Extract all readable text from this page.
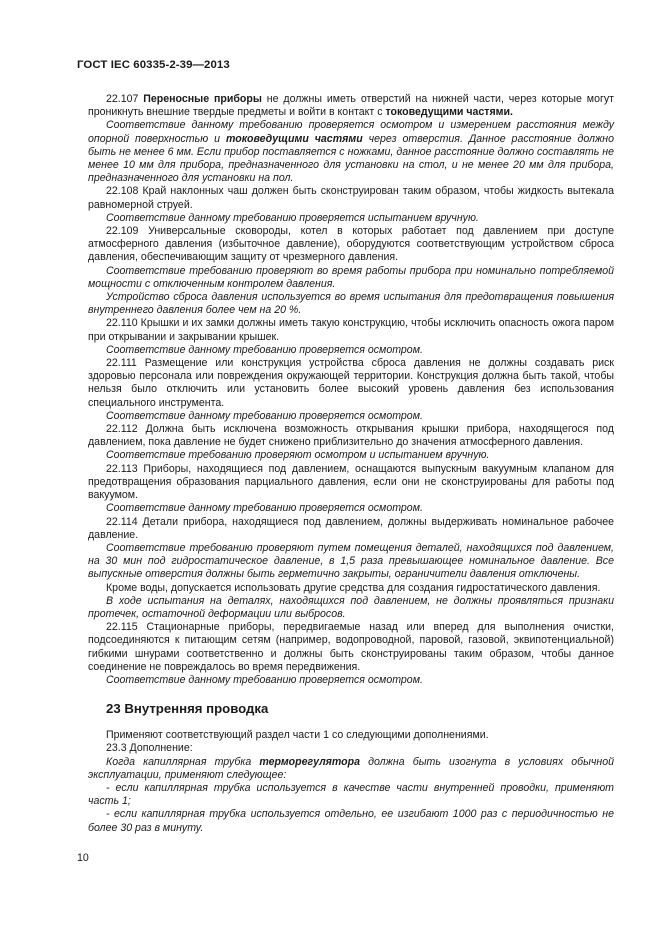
ГОСТ IEC 60335-2-39—2013

22.107 Переносные приборы не должны иметь отверстий на нижней части, через которые могут проникнуть внешние твердые предметы и войти в контакт с токоведущими частями.

Соответствие данному требованию проверяется осмотром и измерением расстояния между опорной поверхностью и токоведущими частями через отверстия. Данное расстояние должно быть не менее 6 мм. Если прибор поставляется с ножками, данное расстояние должно составлять не менее 10 мм для прибора, предназначенного для установки на стол, и не менее 20 мм для прибора, предназначенного для установки на пол.

22.108 Край наклонных чаш должен быть сконструирован таким образом, чтобы жидкость вытекала равномерной струей.

Соответствие данному требованию проверяется испытанием вручную.

22.109 Универсальные сковороды, котел в которых работает под давлением при доступе атмосферного давления (избыточное давление), оборудуются соответствующим устройством сброса давления, обеспечивающим защиту от чрезмерного давления.

Соответствие требованию проверяют во время работы прибора при номинально потребляемой мощности с отключенным контролем давления.

Устройство сброса давления используется во время испытания для предотвращения повышения внутреннего давления более чем на 20 %.

22.110 Крышки и их замки должны иметь такую конструкцию, чтобы исключить опасность ожога паром при открывании и закрывании крышек.

Соответствие данному требованию проверяется осмотром.

22.111 Размещение или конструкция устройства сброса давления не должны создавать риск здоровью персонала или повреждения окружающей территории. Конструкция должна быть такой, чтобы нельзя было отключить или установить более высокий уровень давления без использования специального инструмента.

Соответствие данному требованию проверяется осмотром.

22.112 Должна быть исключена возможность открывания крышки прибора, находящегося под давлением, пока давление не будет снижено приблизительно до значения атмосферного давления.

Соответствие требованию проверяют осмотром и испытанием вручную.

22.113 Приборы, находящиеся под давлением, оснащаются выпускным вакуумным клапаном для предотвращения образования парциального давления, если они не сконструированы для работы под вакуумом.

Соответствие данному требованию проверяется осмотром.

22.114 Детали прибора, находящиеся под давлением, должны выдерживать номинальное рабочее давление.

Соответствие требованию проверяют путем помещения деталей, находящихся под давлением, на 30 мин под гидростатическое давление, в 1,5 раза превышающее номинальное давление. Все выпускные отверстия должны быть герметично закрыты, ограничители давления отключены.

Кроме воды, допускается использовать другие средства для создания гидростатического давления.

В ходе испытания на деталях, находящихся под давлением, не должны проявляться признаки протечек, остаточной деформации или выбросов.

22.115 Стационарные приборы, передвигаемые назад или вперед для выполнения очистки, подсоединяются к питающим сетям (например, водопроводной, паровой, газовой, эквипотенциальной) гибкими шнурами соответственно и должны быть сконструированы таким образом, чтобы данное соединение не повреждалось во время передвижения.

Соответствие данному требованию проверяется осмотром.

23 Внутренняя проводка

Применяют соответствующий раздел части 1 со следующими дополнениями.

23.3 Дополнение:

Когда капиллярная трубка терморегулятора должна быть изогнута в условиях обычной эксплуатации, применяют следующее:

- если капиллярная трубка используется в качестве части внутренней проводки, применяют часть 1;

- если капиллярная трубка используется отдельно, ее изгибают 1000 раз с периодичностью не более 30 раз в минуту.

10
